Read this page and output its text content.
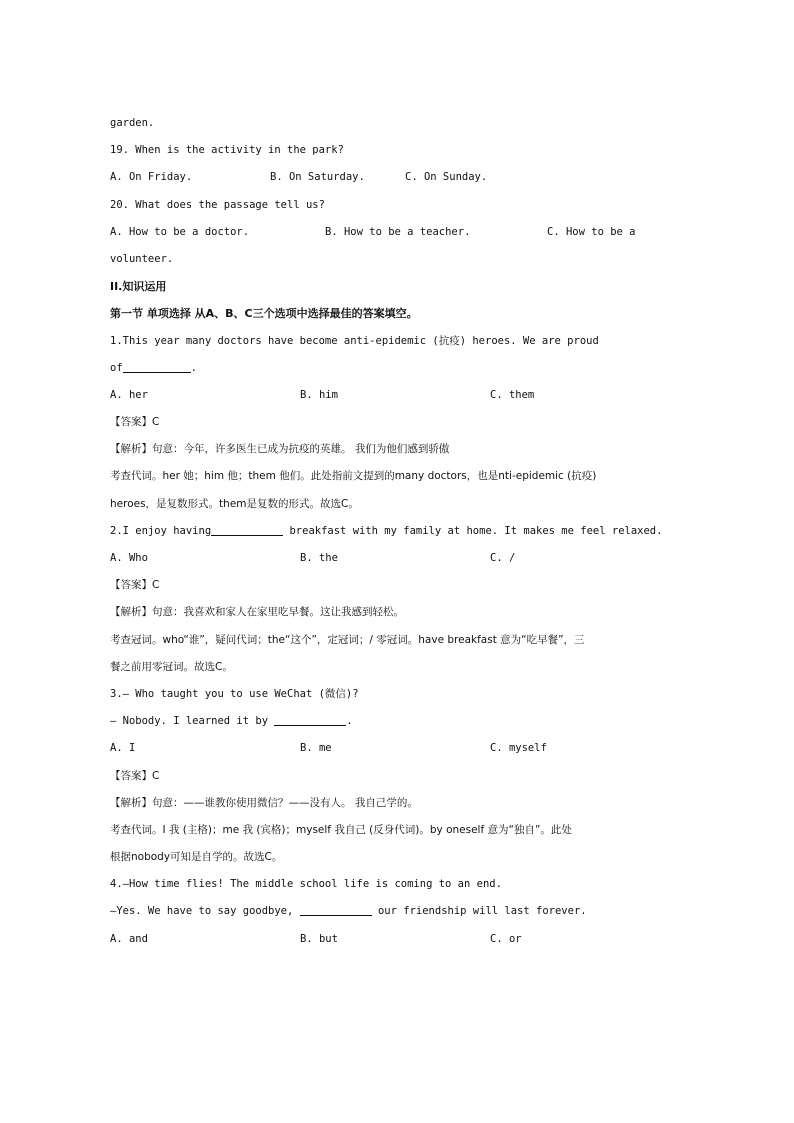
garden.
19. When is the activity in the park?
A. On Friday.	B. On Saturday.	C. On Sunday.
20. What does the passage tell us?
A. How to be a doctor.	B. How to be a teacher.	C. How to be a
volunteer.
II.知识运用
第一节 单项选择 从A、B、C三个选项中选择最佳的答案填空。
1.This year many doctors have become anti-epidemic (抗疫) heroes. We are proud
of	.
A. her	B. him	C. them
【答案】C
【解析】句意：今年，许多医生已成为抗疫的英雄。 我们为他们感到骄傲
考查代词。her 她；him 他；them 他们。此处指前文提到的many doctors，也是nti-epidemic (抗疫)
heroes，是复数形式。them是复数的形式。故选C。
2.I enjoy having	breakfast with my family at home. It makes me feel relaxed.
A. Who	B. the	C. /
【答案】C
【解析】句意：我喜欢和家人在家里吃早餐。这让我感到轻松。
考查冠词。who“谁”，疑问代词；the“这个”，定冠词；/ 零冠词。have breakfast 意为“吃早餐”，三
餐之前用零冠词。故选C。
3.— Who taught you to use WeChat (微信)?
— Nobody. I learned it by	.
A. I	B. me	C. myself
【答案】C
【解析】句意：——谁教你使用微信？——没有人。 我自己学的。
考查代词。I 我 (主格)；me 我 (宾格)；myself 我自己 (反身代词)。by oneself 意为“独自”。此处
根据nobody可知是自学的。故选C。
4.—How time flies! The middle school life is coming to an end.
—Yes. We have to say goodbye,	our friendship will last forever.
A. and	B. but	C. or
